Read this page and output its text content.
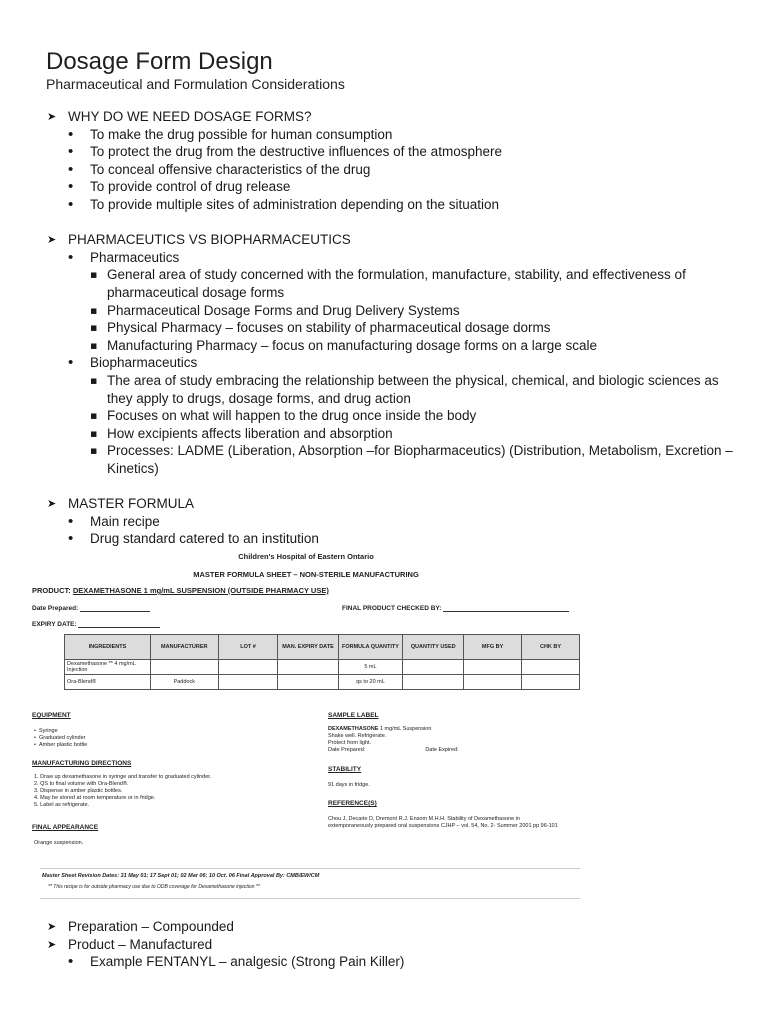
Dosage Form Design
Pharmaceutical and Formulation Considerations
➤ WHY DO WE NEED DOSAGE FORMS?
• To make the drug possible for human consumption
• To protect the drug from the destructive influences of the atmosphere
• To conceal offensive characteristics of the drug
• To provide control of drug release
• To provide multiple sites of administration depending on the situation
➤ PHARMACEUTICS VS BIOPHARMACEUTICS
• Pharmaceutics
▪ General area of study concerned with the formulation, manufacture, stability, and effectiveness of pharmaceutical dosage forms
▪ Pharmaceutical Dosage Forms and Drug Delivery Systems
▪ Physical Pharmacy – focuses on stability of pharmaceutical dosage dorms
▪ Manufacturing Pharmacy – focus on manufacturing dosage forms on a large scale
• Biopharmaceutics
▪ The area of study embracing the relationship between the physical, chemical, and biologic sciences as they apply to drugs, dosage forms, and drug action
▪ Focuses on what will happen to the drug once inside the body
▪ How excipients affects liberation and absorption
▪ Processes: LADME (Liberation, Absorption –for Biopharmaceutics) (Distribution, Metabolism, Excretion – Kinetics)
➤ MASTER FORMULA
• Main recipe
• Drug standard catered to an institution
Children's Hospital of Eastern Ontario
MASTER FORMULA SHEET – NON-STERILE MANUFACTURING
PRODUCT: DEXAMETHASONE 1 mg/mL SUSPENSION (OUTSIDE PHARMACY USE)
Date Prepared:	FINAL PRODUCT CHECKED BY:
EXPIRY DATE:
INGREDIENTS	MANUFACTURER	LOT #	MAN. EXPIRY DATE	FORMULA QUANTITY	QUANTITY USED	MFG BY	CHK BY
Dexamethasone ** 4 mg/mL Injection				5 mL			
Ora-Blend®	Paddock			qs to 20 mL			
EQUIPMENT
•  Syringe
•  Graduated cylinder
•  Amber plastic bottle
MANUFACTURING DIRECTIONS
1. Draw up dexamethasone in syringe and transfer to graduated cylinder.
2. QS to final volume with Ora-Blend®.
3. Dispense in amber plastic bottles.
4. May be stored at room temperature or in fridge.
5. Label as refrigerate.
FINAL APPEARANCE
Orange suspension.
SAMPLE LABEL
DEXAMETHASONE 1 mg/mL Suspension
Shake well. Refrigerate.
Protect from light.
Date Prepared:	Date Expired:
STABILITY
91 days in fridge.
REFERENCE(S)
Chou J, Decarie D, Dremont R.J. Ensom M.H.H. Stability of Dexamethasone in extemporaneously prepared oral suspensions CJHP – vol. 54, No. 2- Summer 2001 pp 96-101
Master Sheet Revision Dates: 31 May 01; 17 Sept 01; 02 Mar 06; 10 Oct. 06 Final Approval By: CMB/EW/CM
** This recipe is for outside pharmacy use due to ODB coverage for Dexamethasone injection **
➤ Preparation – Compounded
➤ Product – Manufactured
• Example FENTANYL – analgesic (Strong Pain Killer)
